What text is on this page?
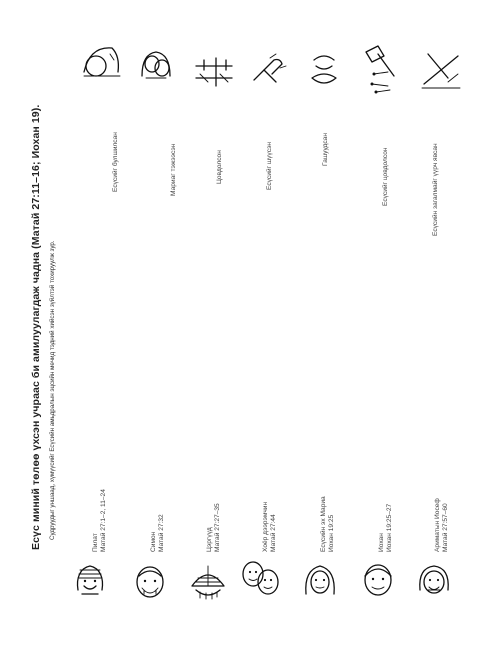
Есүс миний төлөө үхсэн учраас би амилуулагдаж чадна (Матай 27:11–16; Иохан 19). Судруудыг уншаад, хүмүүсийг Есүсийн амьдралын эцсийн мөчид тэдний хийсэн зүйлтэй тохируулж зур.
Пилат Матай 27:1–2, 11–24	Симон Матай 27:32	Цэргүүд Матай 27:27–35	Хоёр дээрэмчин Матай 27:44	Есүсийн эх Мариа Иохан 19:25	Иохан Иохан 19:25–27	Ариматын Иосеф Матай 27:57–60
Есүсийг булшилсан	Мариаг тэжээсэн	Цовдолсон	Есүсийг шүүсэн	Гашуудсан	Есүсийг цовдолсон	Есүсийн загалмайг үүрч явсан
